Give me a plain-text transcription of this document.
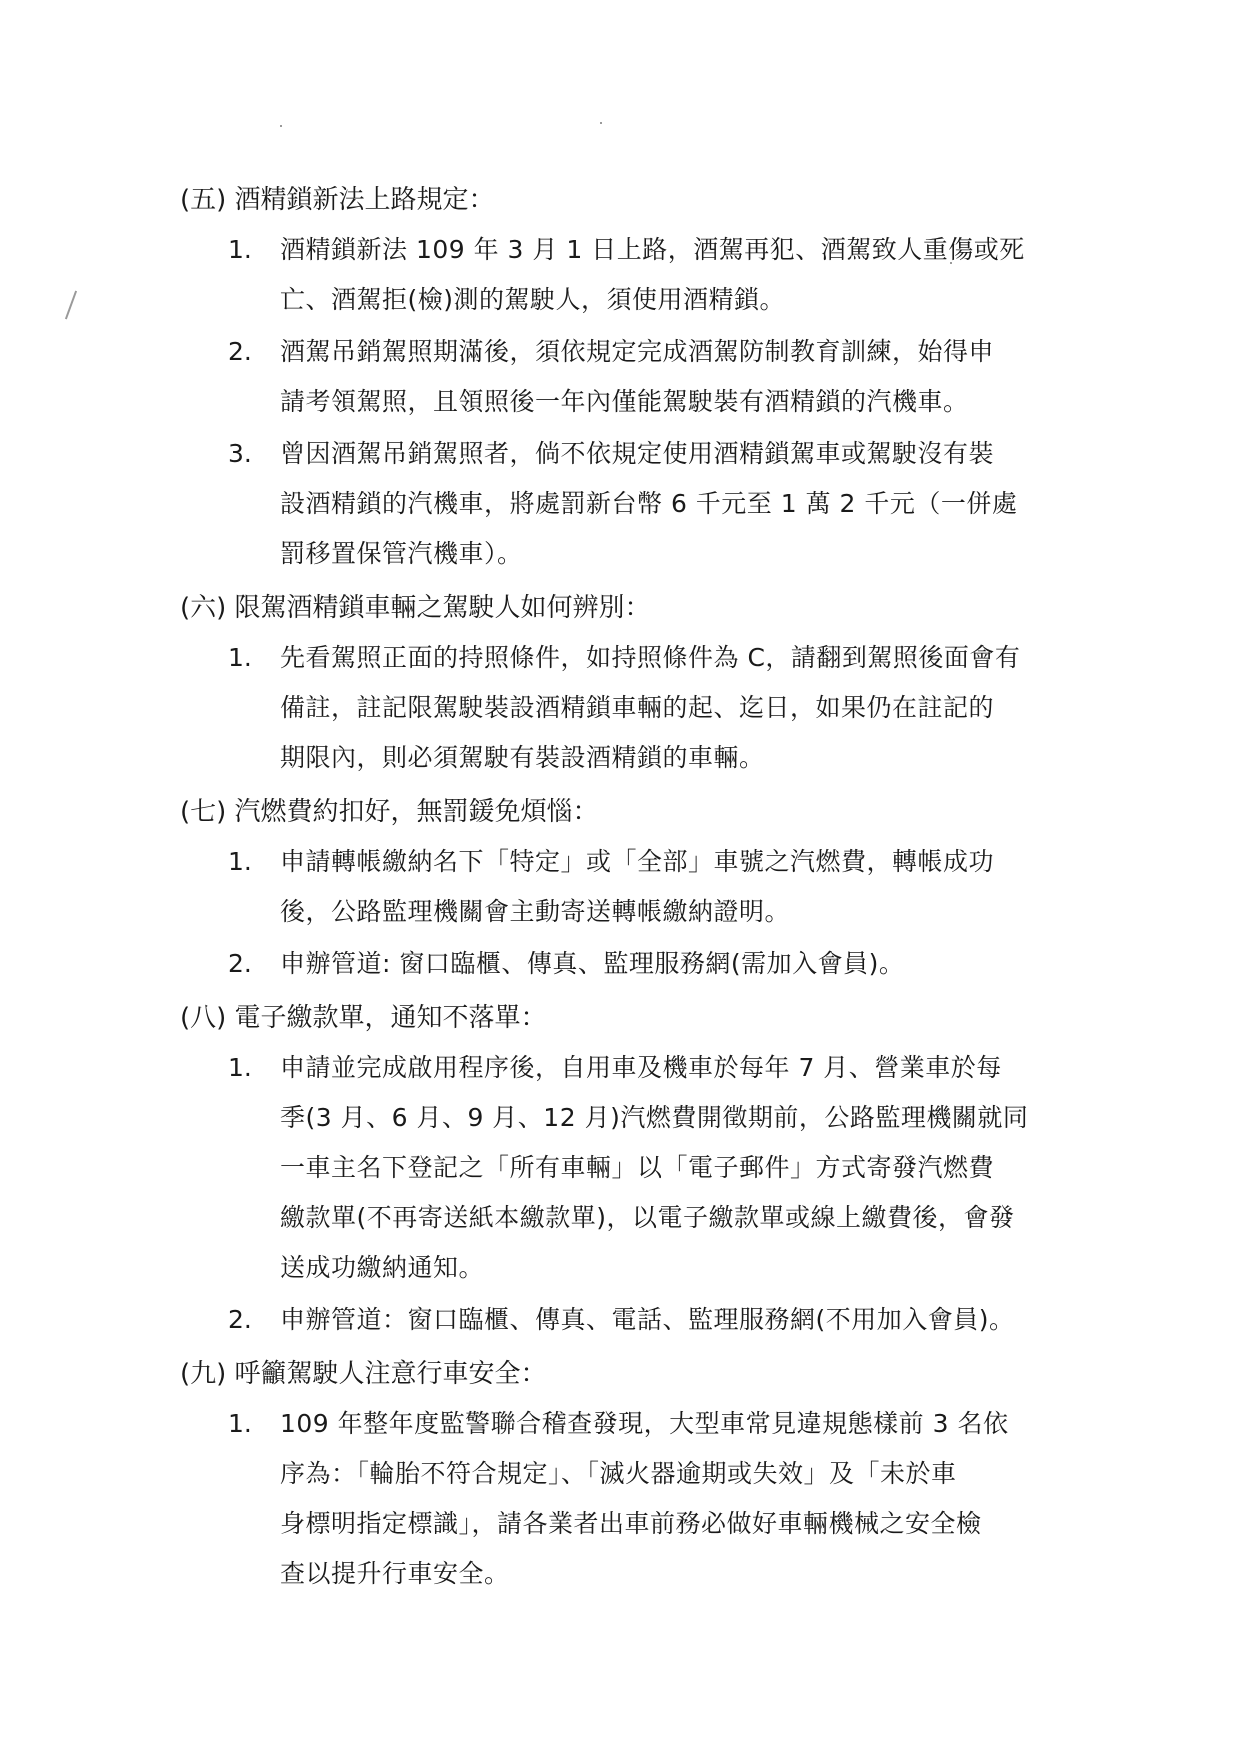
(五) 酒精鎖新法上路規定：
1.	酒精鎖新法 109 年 3 月 1 日上路，酒駕再犯、酒駕致人重傷或死
亡、酒駕拒(檢)測的駕駛人，須使用酒精鎖。
2.	酒駕吊銷駕照期滿後，須依規定完成酒駕防制教育訓練，始得申
請考領駕照，且領照後一年內僅能駕駛裝有酒精鎖的汽機車。
3.	曾因酒駕吊銷駕照者，倘不依規定使用酒精鎖駕車或駕駛沒有裝
設酒精鎖的汽機車，將處罰新台幣 6 千元至 1 萬 2 千元（一併處
罰移置保管汽機車）。
(六) 限駕酒精鎖車輛之駕駛人如何辨別：
1.	先看駕照正面的持照條件，如持照條件為 C，請翻到駕照後面會有
備註，註記限駕駛裝設酒精鎖車輛的起、迄日，如果仍在註記的
期限內，則必須駕駛有裝設酒精鎖的車輛。
(七) 汽燃費約扣好，無罰鍰免煩惱：
1.	申請轉帳繳納名下「特定」或「全部」車號之汽燃費，轉帳成功
後，公路監理機關會主動寄送轉帳繳納證明。
2.	申辦管道: 窗口臨櫃、傳真、監理服務網(需加入會員)。
(八) 電子繳款單，通知不落單：
1.	申請並完成啟用程序後，自用車及機車於每年 7 月、營業車於每
季(3 月、6 月、9 月、12 月)汽燃費開徵期前，公路監理機關就同
一車主名下登記之「所有車輛」以「電子郵件」方式寄發汽燃費
繳款單(不再寄送紙本繳款單)，以電子繳款單或線上繳費後，會發
送成功繳納通知。
2.	申辦管道：窗口臨櫃、傳真、電話、監理服務網(不用加入會員)。
(九) 呼籲駕駛人注意行車安全：
1.	109 年整年度監警聯合稽查發現，大型車常見違規態樣前 3 名依
序為：「輪胎不符合規定」、「滅火器逾期或失效」及「未於車
身標明指定標識」，請各業者出車前務必做好車輛機械之安全檢
查以提升行車安全。
